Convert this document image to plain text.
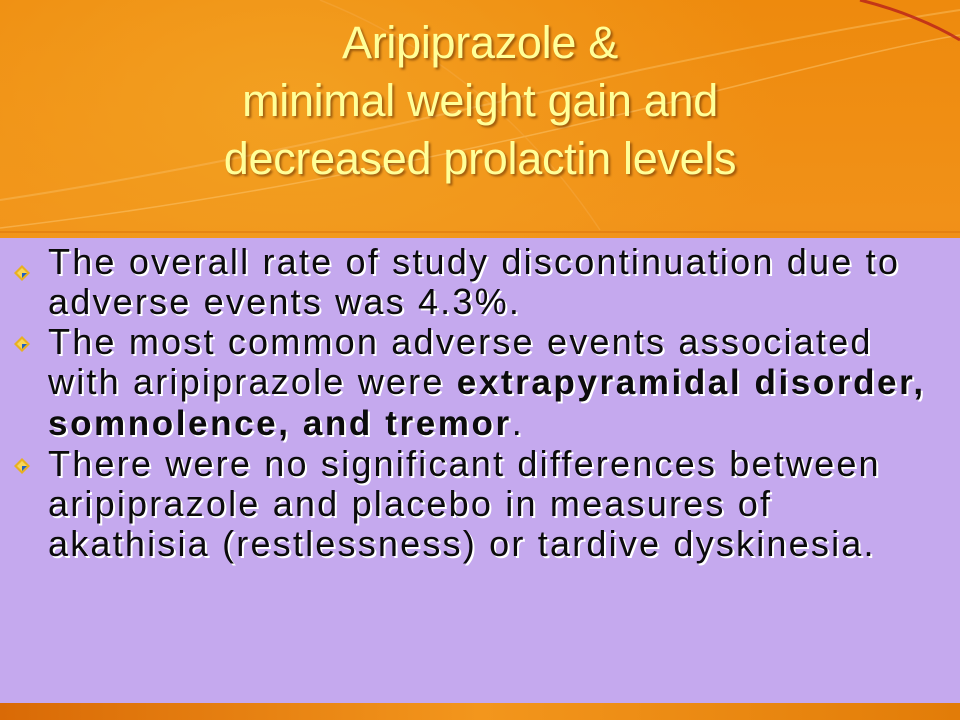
Aripiprazole &
minimal weight gain and
decreased prolactin levels
The overall rate of study discontinuation due to adverse events was 4.3%.
The most common adverse events associated with aripiprazole were extrapyramidal disorder, somnolence, and tremor.
There were no significant differences between aripiprazole and placebo in measures of akathisia (restlessness) or tardive dyskinesia.
